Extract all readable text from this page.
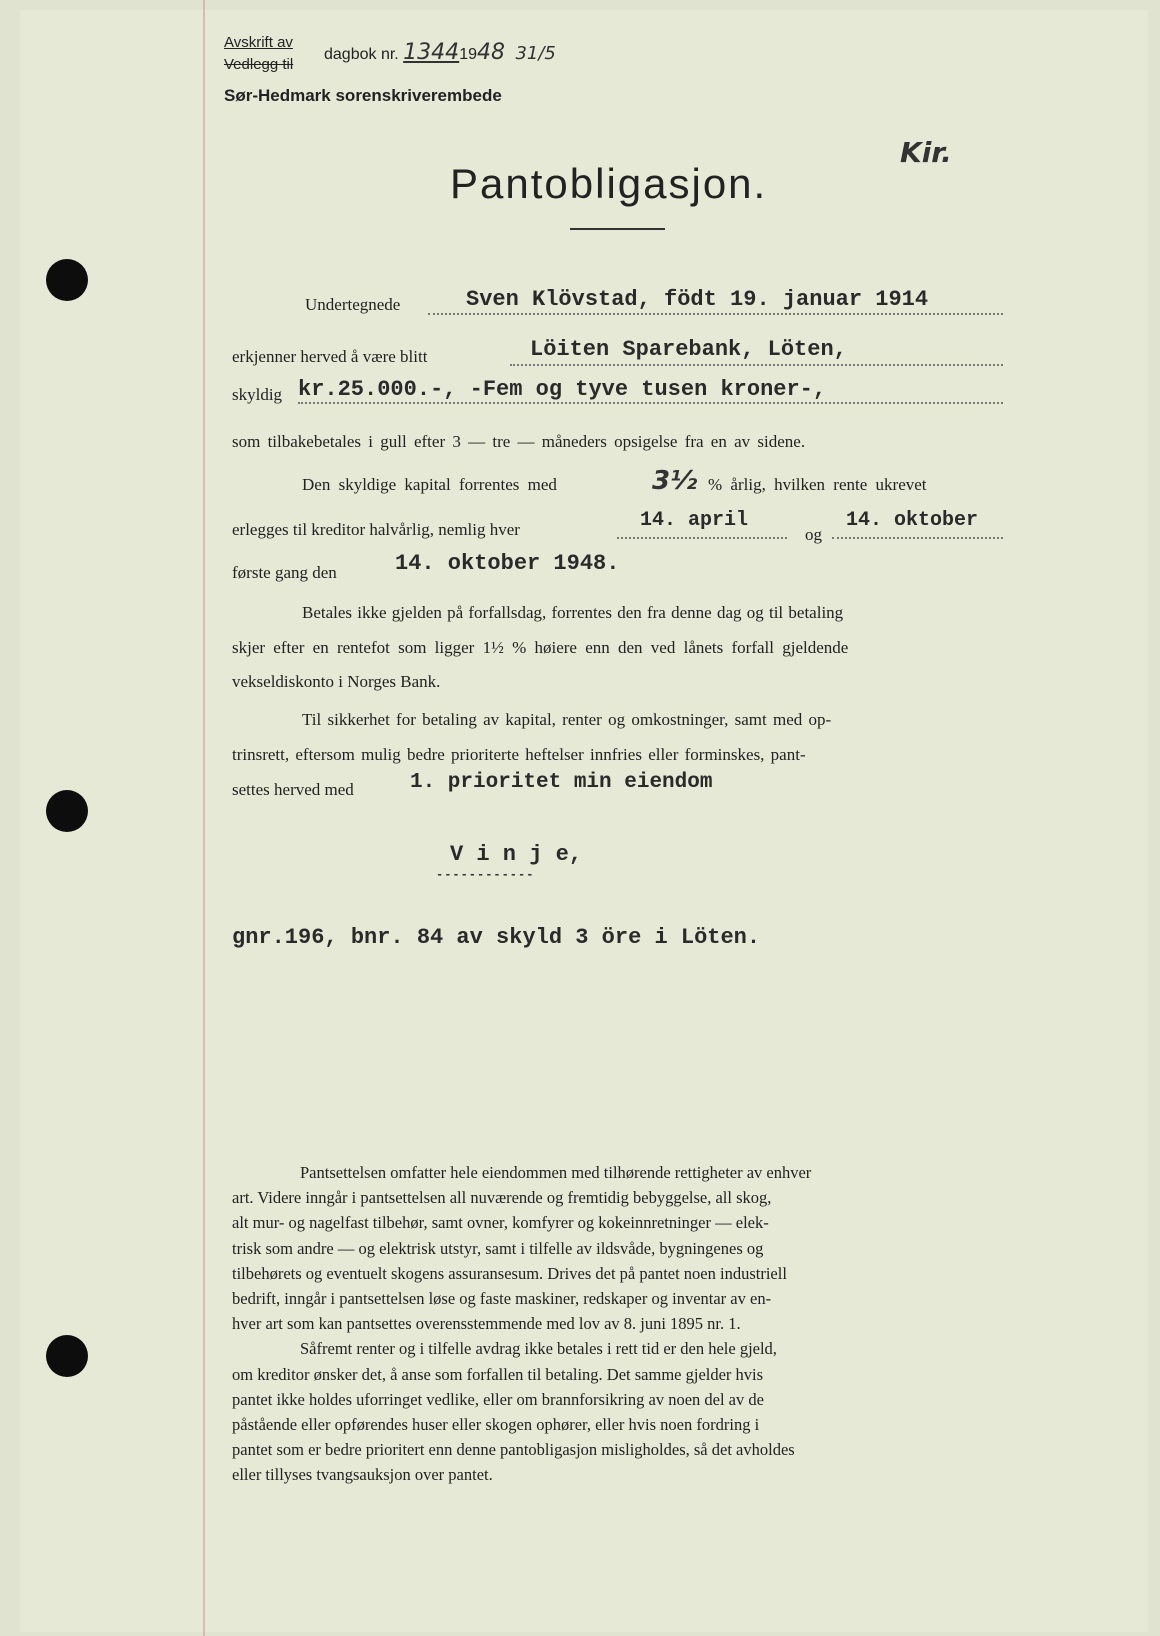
Avskrift av
Vedlegg til
dagbok nr. 13441948 31/5
Sør-Hedmark sorenskriverembede
Kir.
Pantobligasjon.
Undertegnede	Sven Klövstad, födt 19. januar 1914
erkjenner herved å være blitt	Löiten Sparebank, Löten,
skyldig kr.25.000.-, -Fem og tyve tusen kroner-,
som tilbakebetales i gull efter 3 — tre — måneders opsigelse fra en av sidene.
Den skyldige kapital forrentes med	3½ % årlig, hvilken rente ukrevet
erlegges til kreditor halvårlig, nemlig hver	14. april
og
14. oktober
første gang den	14. oktober 1948.
Betales ikke gjelden på forfallsdag, forrentes den fra denne dag og til betaling
skjer efter en rentefot som ligger 1½ % høiere enn den ved lånets forfall gjeldende
vekseldiskonto i Norges Bank.
Til sikkerhet for betaling av kapital, renter og omkostninger, samt med op-
trinsrett, eftersom mulig bedre prioriterte heftelser innfries eller forminskes, pant-
settes herved med	1. prioritet min eiendom
V i n j e,
------------
gnr.196, bnr. 84 av skyld 3 öre i Löten.
Pantsettelsen omfatter hele eiendommen med tilhørende rettigheter av enhver
art. Videre inngår i pantsettelsen all nuværende og fremtidig bebyggelse, all skog,
alt mur- og nagelfast tilbehør, samt ovner, komfyrer og kokeinnretninger — elek-
trisk som andre — og elektrisk utstyr, samt i tilfelle av ildsvåde, bygningenes og
tilbehørets og eventuelt skogens assuransesum. Drives det på pantet noen industriell
bedrift, inngår i pantsettelsen løse og faste maskiner, redskaper og inventar av en-
hver art som kan pantsettes overensstemmende med lov av 8. juni 1895 nr. 1.
Såfremt renter og i tilfelle avdrag ikke betales i rett tid er den hele gjeld,
om kreditor ønsker det, å anse som forfallen til betaling. Det samme gjelder hvis
pantet ikke holdes uforringet vedlike, eller om brannforsikring av noen del av de
påstående eller opførendes huser eller skogen ophører, eller hvis noen fordring i
pantet som er bedre prioritert enn denne pantobligasjon misligholdes, så det avholdes
eller tillyses tvangsauksjon over pantet.
